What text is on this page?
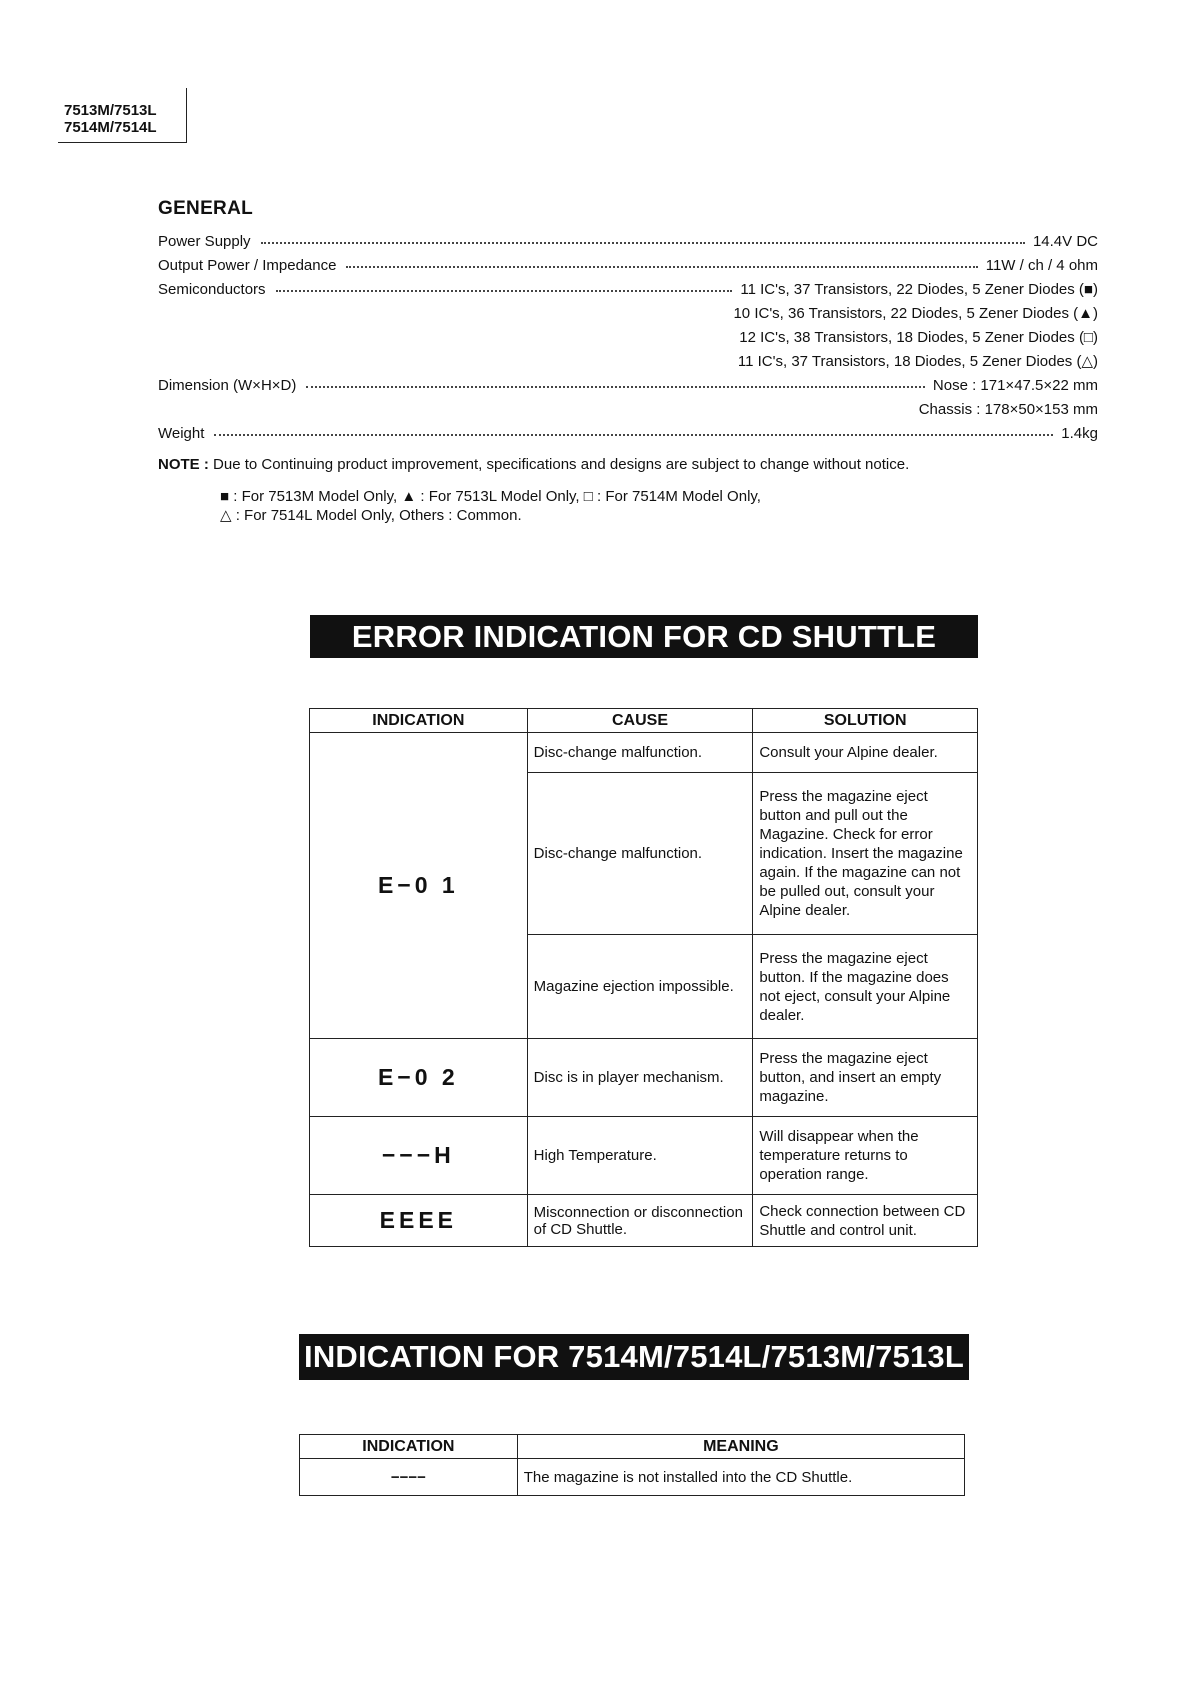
7513M/7513L
7514M/7514L
GENERAL
Power Supply	14.4V DC
Output Power / Impedance	11W / ch / 4 ohm
Semiconductors	11 IC's, 37 Transistors, 22 Diodes, 5 Zener Diodes (■)
10 IC's, 36 Transistors, 22 Diodes, 5 Zener Diodes (▲)
12 IC's, 38 Transistors, 18 Diodes, 5 Zener Diodes (□)
11 IC's, 37 Transistors, 18 Diodes, 5 Zener Diodes (△)
Dimension (W×H×D)	Nose : 171×47.5×22 mm
Chassis : 178×50×153 mm
Weight	1.4kg
NOTE : Due to Continuing product improvement, specifications and designs are subject to change without notice.
■ : For 7513M Model Only, ▲ : For 7513L Model Only, □ : For 7514M Model Only,
△ : For 7514L Model Only, Others : Common.
ERROR INDICATION FOR CD SHUTTLE
INDICATION	CAUSE	SOLUTION
E−0 1	Disc-change malfunction.	Consult your Alpine dealer.
	Disc-change malfunction.	Press the magazine eject button and pull out the Magazine. Check for error indication. Insert the magazine again. If the magazine can not be pulled out, consult your Alpine dealer.
	Magazine ejection impossible.	Press the magazine eject button. If the magazine does not eject, consult your Alpine dealer.
E−0 2	Disc is in player mechanism.	Press the magazine eject button, and insert an empty magazine.
−−−H	High Temperature.	Will disappear when the temperature returns to operation range.
EEEE	Misconnection or disconnection of CD Shuttle.	Check connection between CD Shuttle and control unit.
INDICATION FOR 7514M/7514L/7513M/7513L
INDICATION	MEANING
−−−−	The magazine is not installed into the CD Shuttle.
